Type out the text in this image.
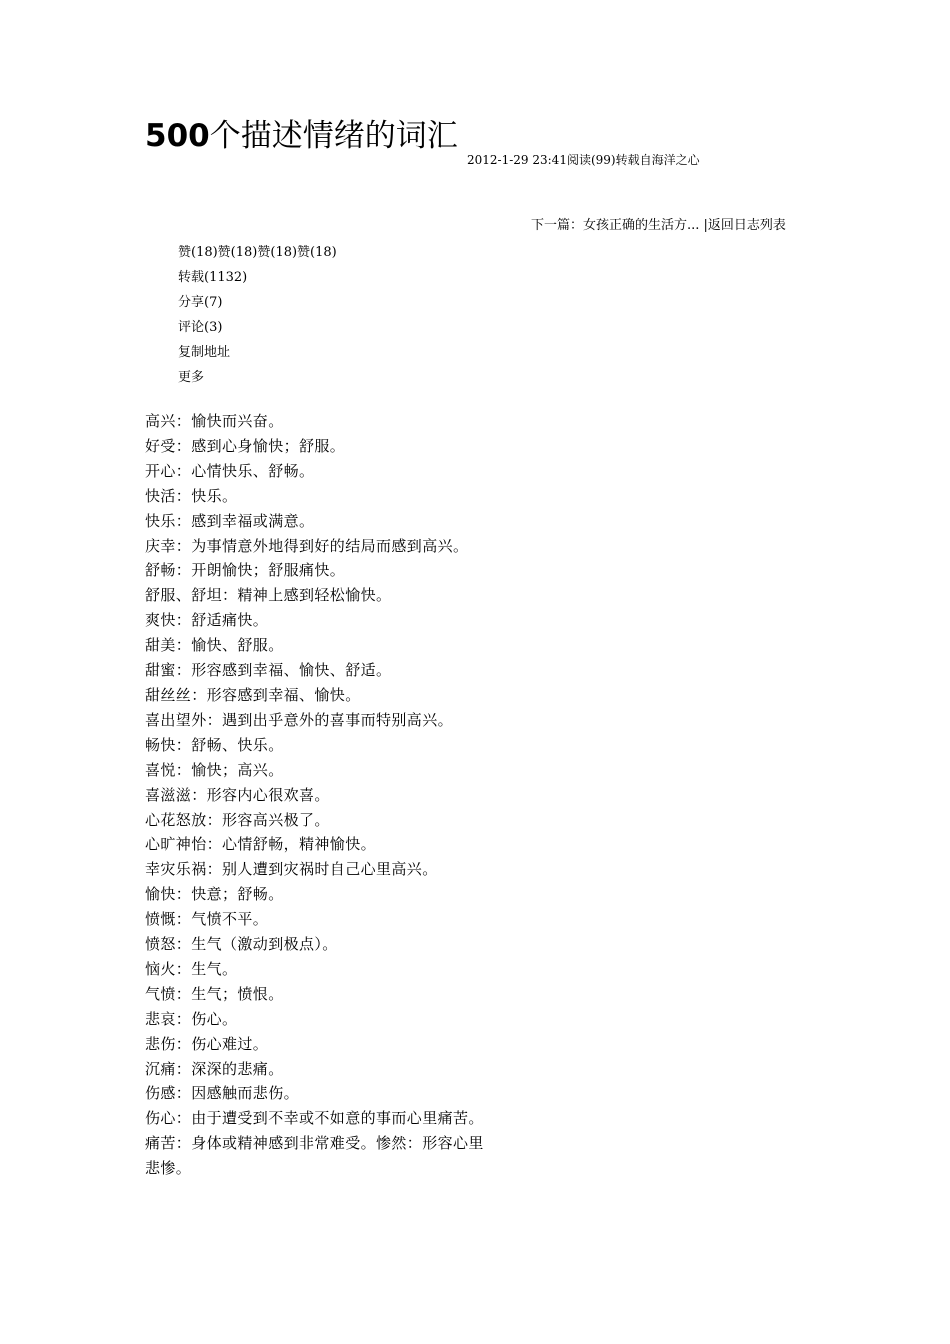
500个描述情绪的词汇
2012-1-29 23:41阅读(99)转载自海洋之心
下一篇：女孩正确的生活方... |返回日志列表
赞(18)赞(18)赞(18)赞(18)
转载(1132)
分享(7)
评论(3)
复制地址
更多
高兴：愉快而兴奋。
好受：感到心身愉快；舒服。
开心：心情快乐、舒畅。
快活：快乐。
快乐：感到幸福或满意。
庆幸：为事情意外地得到好的结局而感到高兴。
舒畅：开朗愉快；舒服痛快。
舒服、舒坦：精神上感到轻松愉快。
爽快：舒适痛快。
甜美：愉快、舒服。
甜蜜：形容感到幸福、愉快、舒适。
甜丝丝：形容感到幸福、愉快。
喜出望外：遇到出乎意外的喜事而特别高兴。
畅快：舒畅、快乐。
喜悦：愉快；高兴。
喜滋滋：形容内心很欢喜。
心花怒放：形容高兴极了。
心旷神怡：心情舒畅，精神愉快。
幸灾乐祸：别人遭到灾祸时自己心里高兴。
愉快：快意；舒畅。
愤慨：气愤不平。
愤怒：生气（激动到极点）。
恼火：生气。
气愤：生气；愤恨。
悲哀：伤心。
悲伤：伤心难过。
沉痛：深深的悲痛。
伤感：因感触而悲伤。
伤心：由于遭受到不幸或不如意的事而心里痛苦。
痛苦：身体或精神感到非常难受。惨然：形容心里悲惨。
